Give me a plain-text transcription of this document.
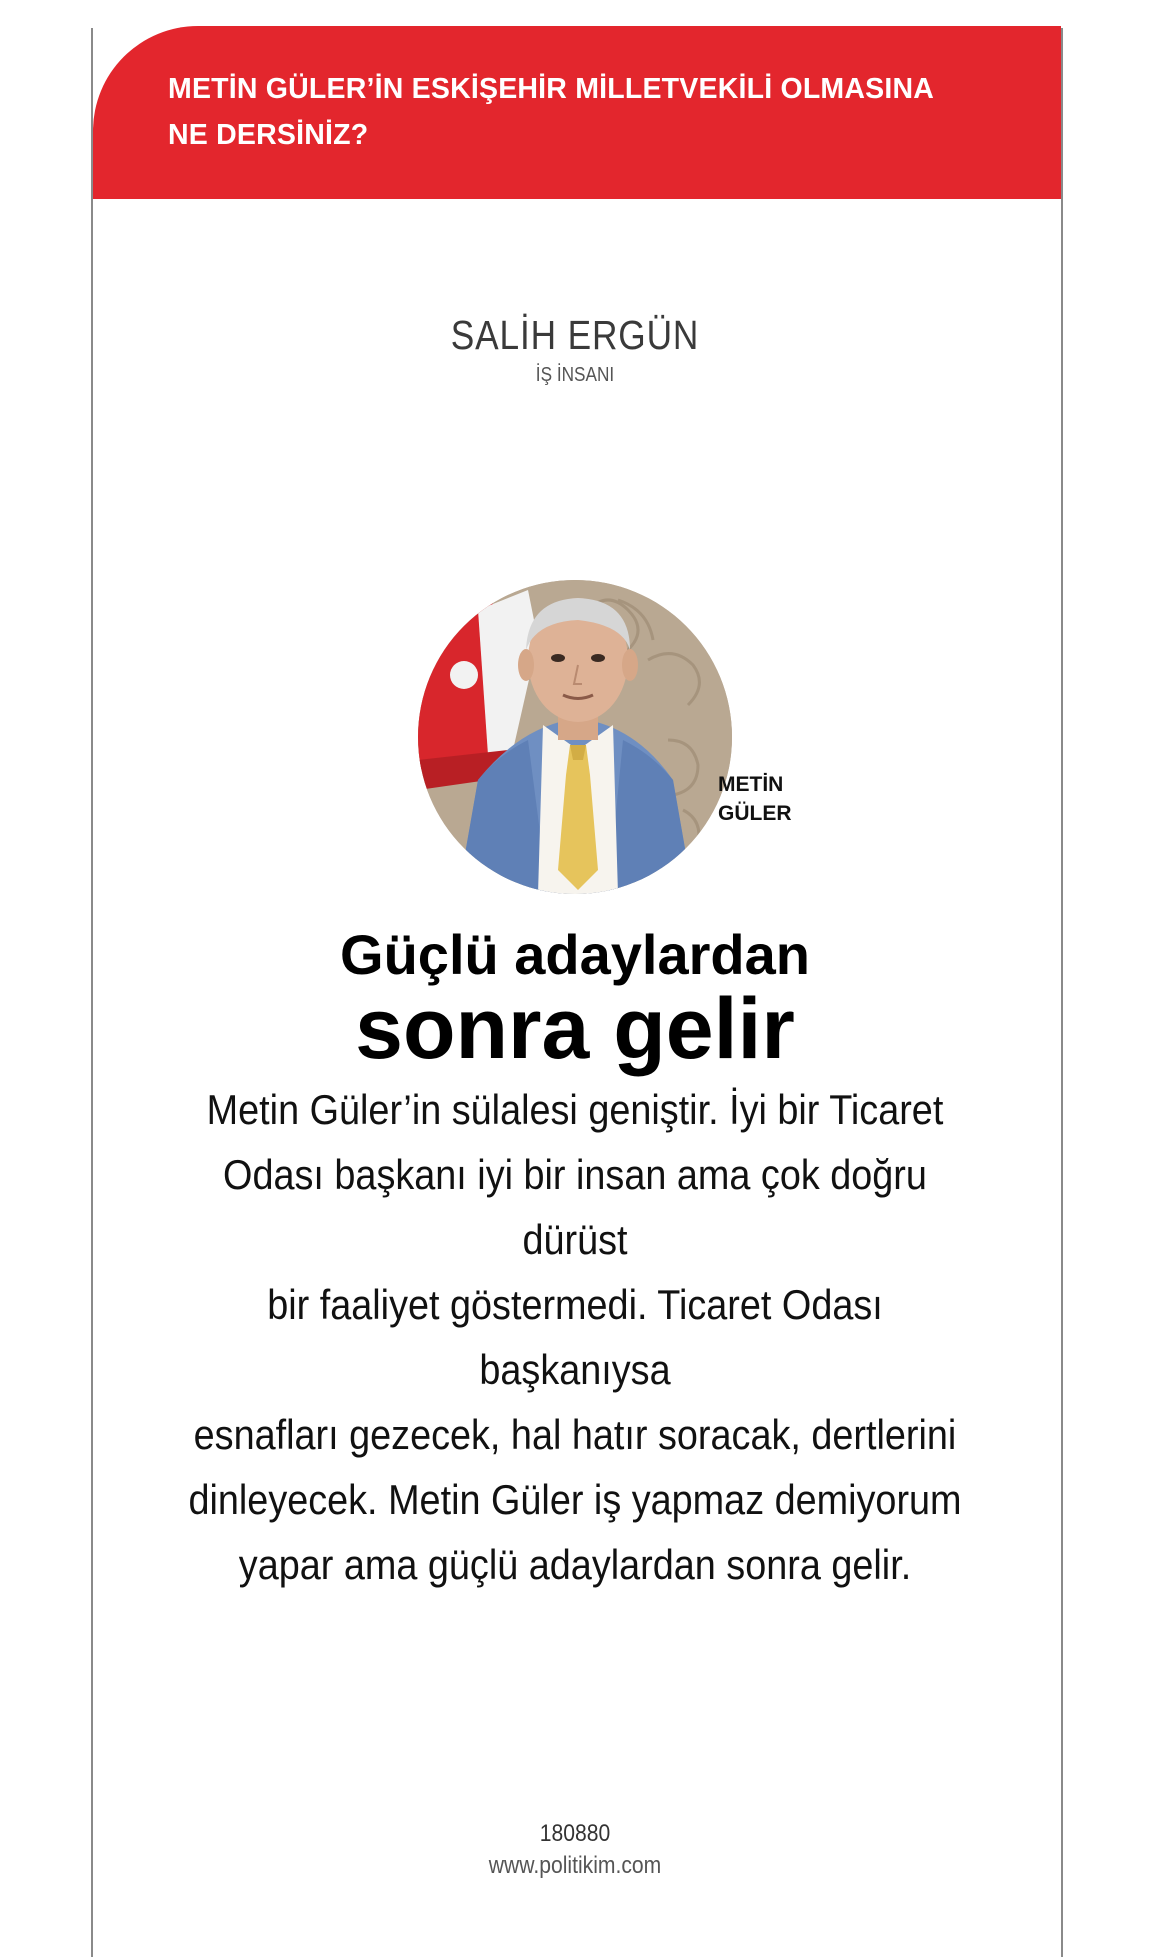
METİN GÜLER’İN ESKİŞEHİR MİLLETVEKİLİ OLMASINA
NE DERSİNİZ?
SALİH ERGÜN
İŞ İNSANI
METİN
GÜLER
Güçlü adaylardan
sonra gelir
Metin Güler’in sülalesi geniştir. İyi bir Ticaret
Odası başkanı iyi bir insan ama çok doğru dürüst
bir faaliyet göstermedi. Ticaret Odası başkanıysa
esnafları gezecek, hal hatır soracak, dertlerini
dinleyecek. Metin Güler iş yapmaz demiyorum
yapar ama güçlü adaylardan sonra gelir.
180880
www.politikim.com
